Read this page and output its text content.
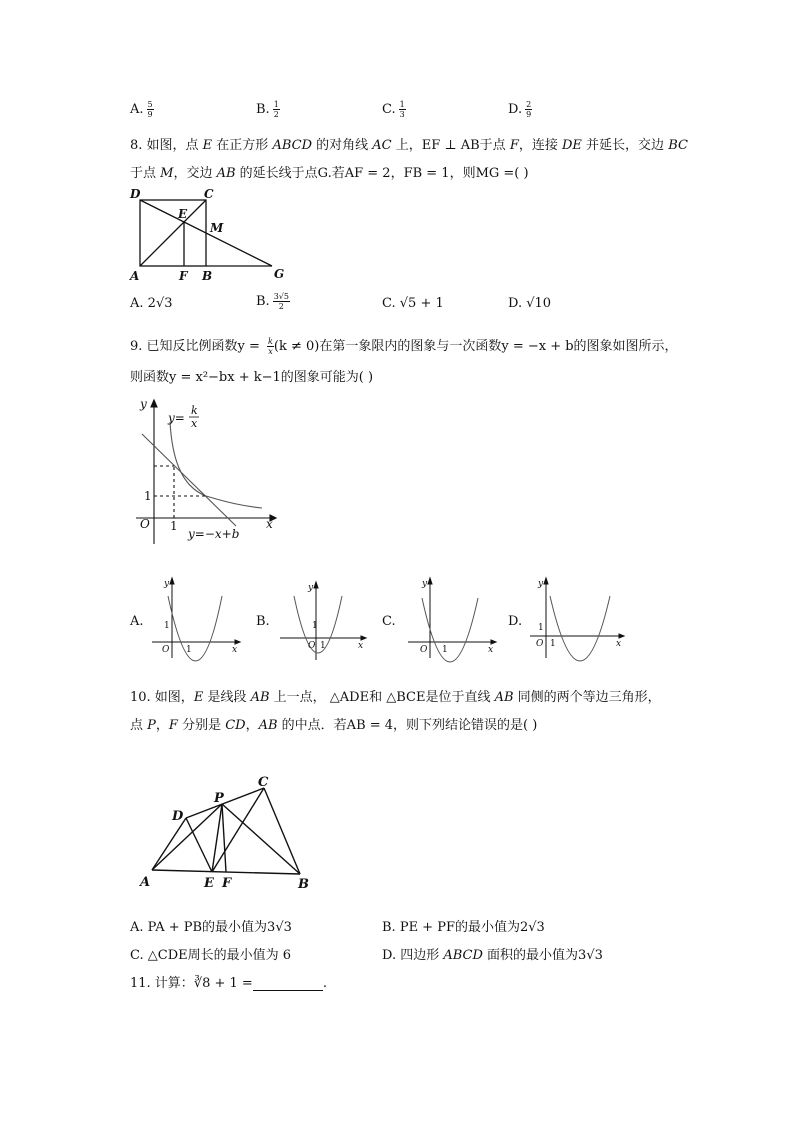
A. $\frac{5}{9}$	B. $\frac{1}{2}$	C. $\frac{1}{3}$	D. $\frac{2}{9}$
8. 如图，点 E 在正方形 ABCD 的对角线 AC 上，EF ⊥ AB于点 F，连接 DE 并延长，交边 BC
于点 M，交边 AB 的延长线于点G.若AF = 2，FB = 1，则MG =( )
D	C
E
M
A	F B	G
A. 2√3	B. $\frac{3√5}{2}$	C. √5 + 1	D. √10
9. 已知反比例函数$y = \frac{k}{x} (k \ne 0)$在第一象限内的图象与一次函数y = −x + b的图象如图所示，
则函数y = x²−bx + k−1的图象可能为( )
y
x
O 1
1
y=
k
x
y=−x+b
A.	B.	C.	D.
y
x
O 1
1
y
x
O 1
1
y
x
O 1
y
x
O 1
1
10. 如图，E 是线段 AB 上一点， △ADE和 △BCE是位于直线 AB 同侧的两个等边三角形，
点 P，F 分别是 CD，AB 的中点．若AB = 4，则下列结论错误的是( )
C
P
D
A	E F	B
A. PA + PB的最小值为3√3	B. PE + PF的最小值为2√3
C. △CDE周长的最小值为 6	D. 四边形 ABCD 面积的最小值为3√3
11. 计算：∛8 + 1 =	.
